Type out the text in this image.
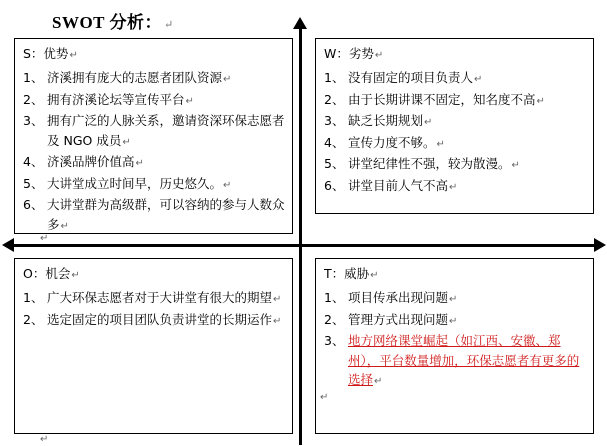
SWOT 分析： ↵
S：优势↵
1、 济溪拥有庞大的志愿者团队资源↵
2、 拥有济溪论坛等宣传平台↵
3、 拥有广泛的人脉关系，邀请资深环保志愿者及 NGO 成员↵
4、 济溪品牌价值高↵
5、 大讲堂成立时间早，历史悠久。↵
6、 大讲堂群为高级群，可以容纳的参与人数众多↵
W：劣势↵
1、 没有固定的项目负责人↵
2、 由于长期讲课不固定，知名度不高↵
3、 缺乏长期规划↵
4、 宣传力度不够。↵
5、 讲堂纪律性不强，较为散漫。↵
6、 讲堂目前人气不高↵
O：机会↵
1、 广大环保志愿者对于大讲堂有很大的期望↵
2、 选定固定的项目团队负责讲堂的长期运作↵
T：威胁↵
1、 项目传承出现问题↵
2、 管理方式出现问题↵
3、 地方网络课堂崛起（如江西、安徽、郑州），平台数量增加，环保志愿者有更多的选择↵
↵
↵
↵
